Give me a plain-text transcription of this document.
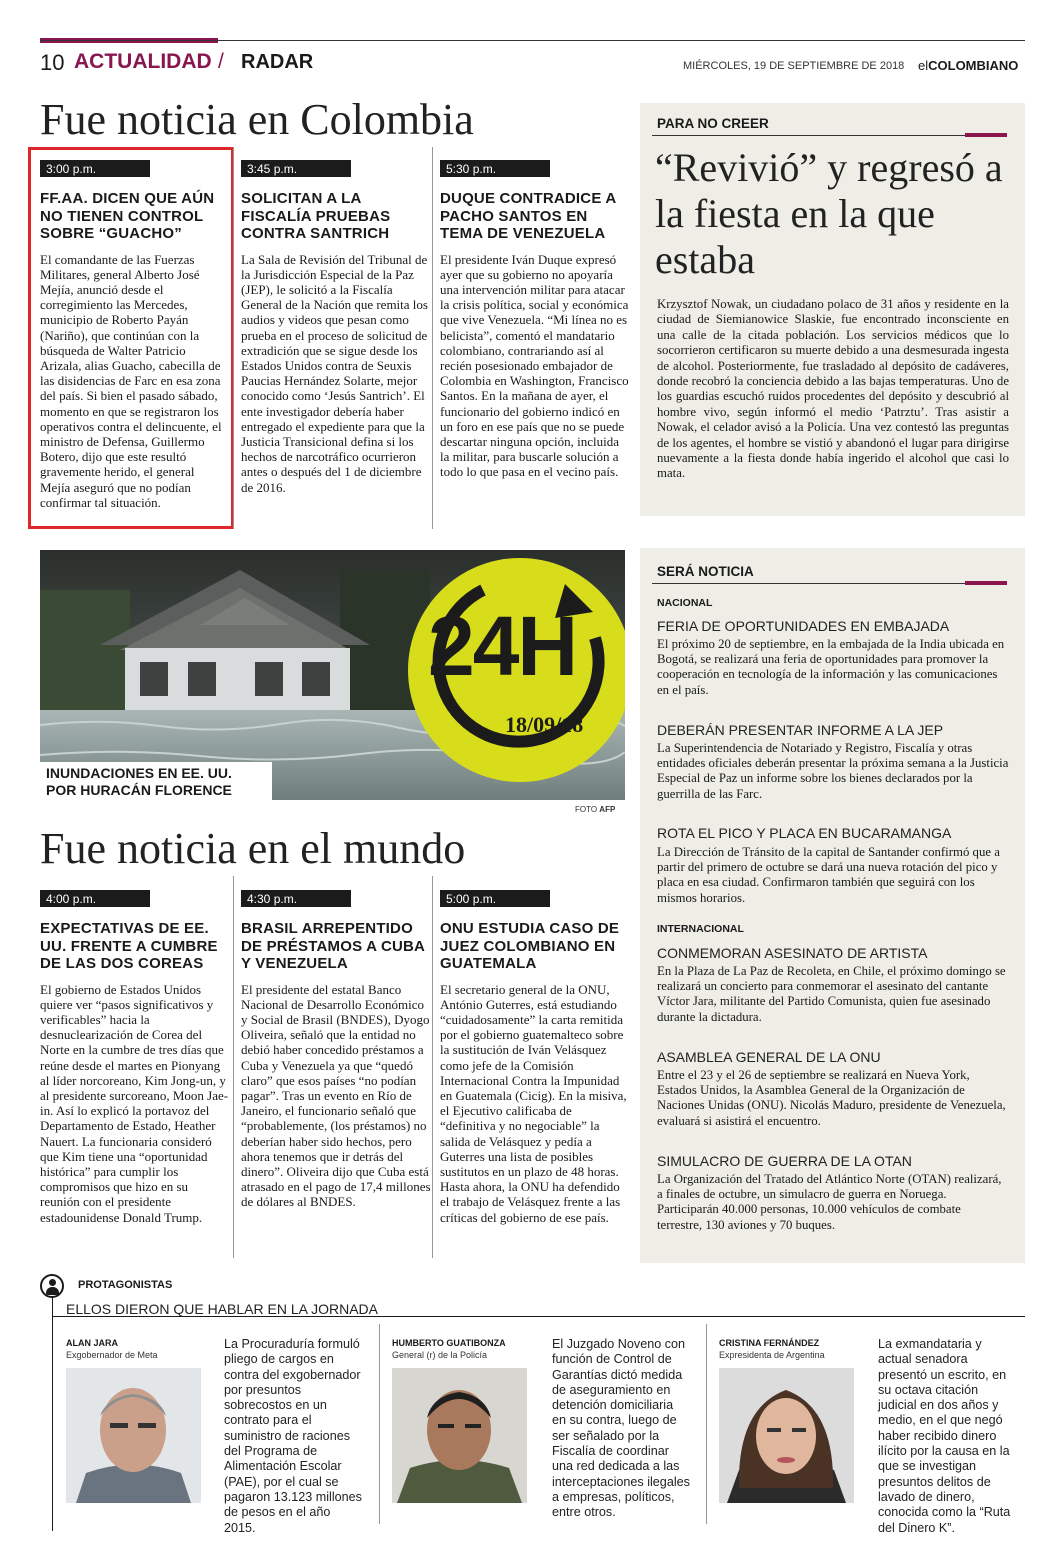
10 ACTUALIDAD / RADAR	MIÉRCOLES, 19 DE SEPTIEMBRE DE 2018 elCOLOMBIANO
Fue noticia en Colombia
3:00 p.m.
FF.AA. DICEN QUE AÚN NO TIENEN CONTROL SOBRE “GUACHO”
El comandante de las Fuerzas Militares, general Alberto José Mejía, anunció desde el corregimiento las Mercedes, municipio de Roberto Payán (Nariño), que continúan con la búsqueda de Walter Patricio Arizala, alias Guacho, cabecilla de las disidencias de Farc en esa zona del país. Si bien el pasado sábado, momento en que se registraron los operativos contra el delincuente, el ministro de Defensa, Guillermo Botero, dijo que este resultó gravemente herido, el general Mejía aseguró que no podían confirmar tal situación.
3:45 p.m.
SOLICITAN A LA FISCALÍA PRUEBAS CONTRA SANTRICH
La Sala de Revisión del Tribunal de la Jurisdicción Especial de la Paz (JEP), le solicitó a la Fiscalía General de la Nación que remita los audios y videos que pesan como prueba en el proceso de solicitud de extradición que se sigue desde los Estados Unidos contra de Seuxis Paucias Hernández Solarte, mejor conocido como ‘Jesús Santrich’. El ente investigador debería haber entregado el expediente para que la Justicia Transicional defina si los hechos de narcotráfico ocurrieron antes o después del 1 de diciembre de 2016.
5:30 p.m.
DUQUE CONTRADICE A PACHO SANTOS EN TEMA DE VENEZUELA
El presidente Iván Duque expresó ayer que su gobierno no apoyaría una intervención militar para atacar la crisis política, social y económica que vive Venezuela. “Mi línea no es belicista”, comentó el mandatario colombiano, contrariando así al recién posesionado embajador de Colombia en Washington, Francisco Santos. En la mañana de ayer, el funcionario del gobierno indicó en un foro en ese país que no se puede descartar ninguna opción, incluida la militar, para buscarle solución a todo lo que pasa en el vecino país.
PARA NO CREER
“Revivió” y regresó a la fiesta en la que estaba
Krzysztof Nowak, un ciudadano polaco de 31 años y residente en la ciudad de Siemianowice Slaskie, fue encontrado inconsciente en una calle de la citada población. Los servicios médicos que lo socorrieron certificaron su muerte debido a una desmesurada ingesta de alcohol. Posteriormente, fue trasladado al depósito de cadáveres, donde recobró la conciencia debido a las bajas temperaturas. Uno de los guardias escuchó ruidos procedentes del depósito y descubrió al hombre vivo, según informó el medio ‘Patrztu’. Tras asistir a Nowak, el celador avisó a la Policía. Una vez contestó las preguntas de los agentes, el hombre se vistió y abandonó el lugar para dirigirse nuevamente a la fiesta donde había ingerido el alcohol que casi lo mata.
24H
18/09/18
INUNDACIONES EN EE. UU.
POR HURACÁN FLORENCE
FOTO AFP
Fue noticia en el mundo
4:00 p.m.
EXPECTATIVAS DE EE. UU. FRENTE A CUMBRE DE LAS DOS COREAS
El gobierno de Estados Unidos quiere ver “pasos significativos y verificables” hacia la desnuclearización de Corea del Norte en la cumbre de tres días que reúne desde el martes en Pionyang al líder norcoreano, Kim Jong-un, y al presidente surcoreano, Moon Jae-in. Así lo explicó la portavoz del Departamento de Estado, Heather Nauert. La funcionaria consideró que Kim tiene una “oportunidad histórica” para cumplir los compromisos que hizo en su reunión con el presidente estadounidense Donald Trump.
4:30 p.m.
BRASIL ARREPENTIDO DE PRÉSTAMOS A CUBA Y VENEZUELA
El presidente del estatal Banco Nacional de Desarrollo Económico y Social de Brasil (BNDES), Dyogo Oliveira, señaló que la entidad no debió haber concedido préstamos a Cuba y Venezuela ya que “quedó claro” que esos países “no podían pagar”. Tras un evento en Río de Janeiro, el funcionario señaló que “probablemente, (los préstamos) no deberían haber sido hechos, pero ahora tenemos que ir detrás del dinero”. Oliveira dijo que Cuba está atrasado en el pago de 17,4 millones de dólares al BNDES.
5:00 p.m.
ONU ESTUDIA CASO DE JUEZ COLOMBIANO EN GUATEMALA
El secretario general de la ONU, António Guterres, está estudiando “cuidadosamente” la carta remitida por el gobierno guatemalteco sobre la sustitución de Iván Velásquez como jefe de la Comisión Internacional Contra la Impunidad en Guatemala (Cicig). En la misiva, el Ejecutivo calificaba de “definitiva y no negociable” la salida de Velásquez y pedía a Guterres una lista de posibles sustitutos en un plazo de 48 horas. Hasta ahora, la ONU ha defendido el trabajo de Velásquez frente a las críticas del gobierno de ese país.
SERÁ NOTICIA
NACIONAL
FERIA DE OPORTUNIDADES EN EMBAJADA
El próximo 20 de septiembre, en la embajada de la India ubicada en Bogotá, se realizará una feria de oportunidades para promover la cooperación en tecnología de la información y las comunicaciones en el país.
DEBERÁN PRESENTAR INFORME A LA JEP
La Superintendencia de Notariado y Registro, Fiscalía y otras entidades oficiales deberán presentar la próxima semana a la Justicia Especial de Paz un informe sobre los bienes declarados por la guerrilla de las Farc.
ROTA EL PICO Y PLACA EN BUCARAMANGA
La Dirección de Tránsito de la capital de Santander confirmó que a partir del primero de octubre se dará una nueva rotación del pico y placa en esa ciudad. Confirmaron también que seguirá con los mismos horarios.
INTERNACIONAL
CONMEMORAN ASESINATO DE ARTISTA
En la Plaza de La Paz de Recoleta, en Chile, el próximo domingo se realizará un concierto para conmemorar el asesinato del cantante Víctor Jara, militante del Partido Comunista, quien fue asesinado durante la dictadura.
ASAMBLEA GENERAL DE LA ONU
Entre el 23 y el 26 de septiembre se realizará en Nueva York, Estados Unidos, la Asamblea General de la Organización de Naciones Unidas (ONU). Nicolás Maduro, presidente de Venezuela, evaluará si asistirá el encuentro.
SIMULACRO DE GUERRA DE LA OTAN
La Organización del Tratado del Atlántico Norte (OTAN) realizará, a finales de octubre, un simulacro de guerra en Noruega. Participarán 40.000 personas, 10.000 vehículos de combate terrestre, 130 aviones y 70 buques.
PROTAGONISTAS
ELLOS DIERON QUE HABLAR EN LA JORNADA
ALAN JARA
Exgobernador de Meta
La Procuraduría formuló pliego de cargos en contra del exgobernador por presuntos sobrecostos en un contrato para el suministro de raciones del Programa de Alimentación Escolar (PAE), por el cual se pagaron 13.123 millones de pesos en el año 2015.
HUMBERTO GUATIBONZA
General (r) de la Policía
El Juzgado Noveno con función de Control de Garantías dictó medida de aseguramiento en detención domiciliaria en su contra, luego de ser señalado por la Fiscalía de coordinar una red dedicada a las interceptaciones ilegales a empresas, políticos, entre otros.
CRISTINA FERNÁNDEZ
Expresidenta de Argentina
La exmandataria y actual senadora presentó un escrito, en su octava citación judicial en dos años y medio, en el que negó haber recibido dinero ilícito por la causa en la que se investigan presuntos delitos de lavado de dinero, conocida como la “Ruta del Dinero K”.
